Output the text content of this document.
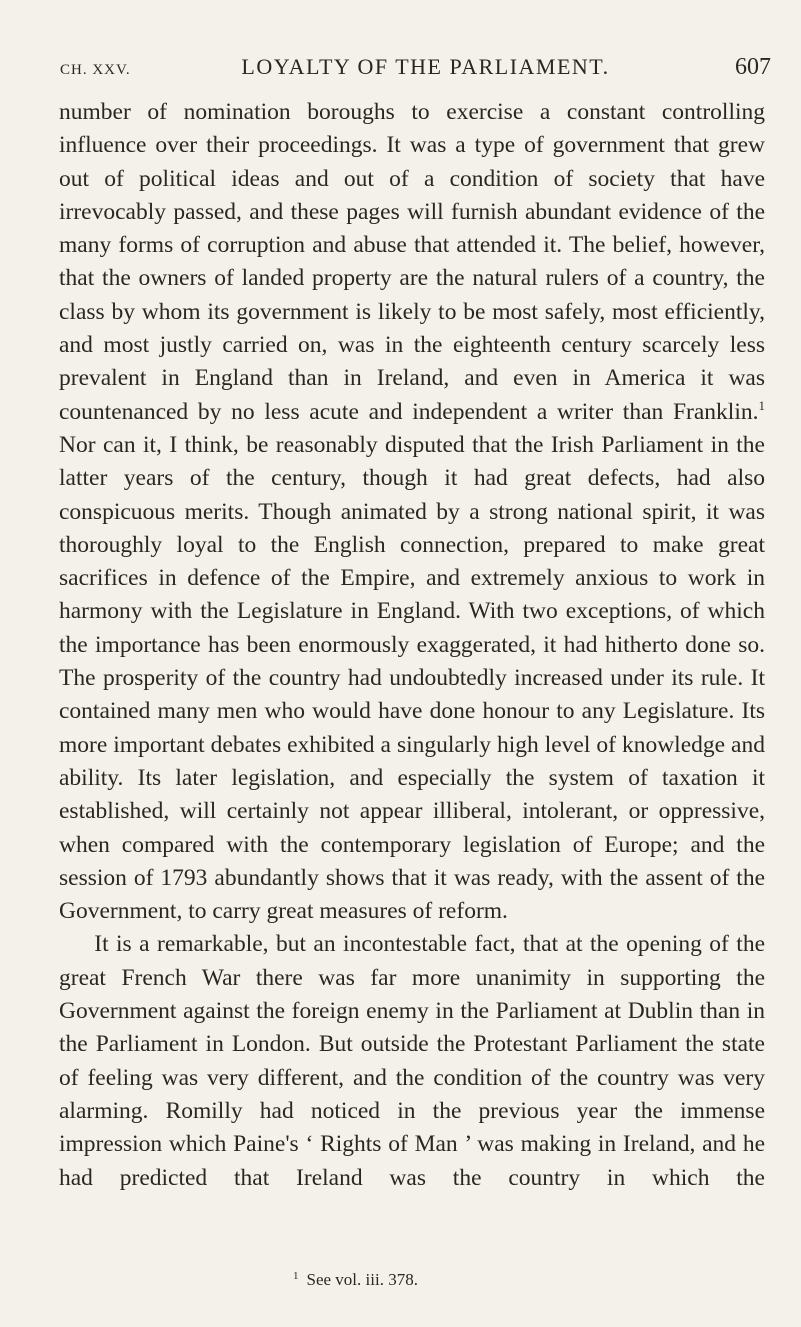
CH. XXV.	LOYALTY OF THE PARLIAMENT.	607

number of nomination boroughs to exercise a constant controlling influence over their proceedings. It was a type of government that grew out of political ideas and out of a condition of society that have irrevocably passed, and these pages will furnish abundant evidence of the many forms of corruption and abuse that attended it. The belief, however, that the owners of landed property are the natural rulers of a country, the class by whom its government is likely to be most safely, most efficiently, and most justly carried on, was in the eighteenth century scarcely less prevalent in England than in Ireland, and even in America it was countenanced by no less acute and independent a writer than Franklin.$^1$ Nor can it, I think, be reasonably disputed that the Irish Parliament in the latter years of the century, though it had great defects, had also conspicuous merits. Though animated by a strong national spirit, it was thoroughly loyal to the English connection, prepared to make great sacrifices in defence of the Empire, and extremely anxious to work in harmony with the Legislature in England. With two exceptions, of which the importance has been enormously exaggerated, it had hitherto done so. The prosperity of the country had undoubtedly increased under its rule. It contained many men who would have done honour to any Legislature. Its more important debates exhibited a singularly high level of knowledge and ability. Its later legislation, and especially the system of taxation it established, will certainly not appear illiberal, intolerant, or oppressive, when compared with the contemporary legislation of Europe; and the session of 1793 abundantly shows that it was ready, with the assent of the Government, to carry great measures of reform.

It is a remarkable, but an incontestable fact, that at the opening of the great French War there was far more unanimity in supporting the Government against the foreign enemy in the Parliament at Dublin than in the Parliament in London. But outside the Protestant Parliament the state of feeling was very different, and the condition of the country was very alarming. Romilly had noticed in the previous year the immense impression which Paine's ‘ Rights of Man ’ was making in Ireland, and he had predicted that Ireland was the country in which the

$^1$ See vol. iii. 378.
